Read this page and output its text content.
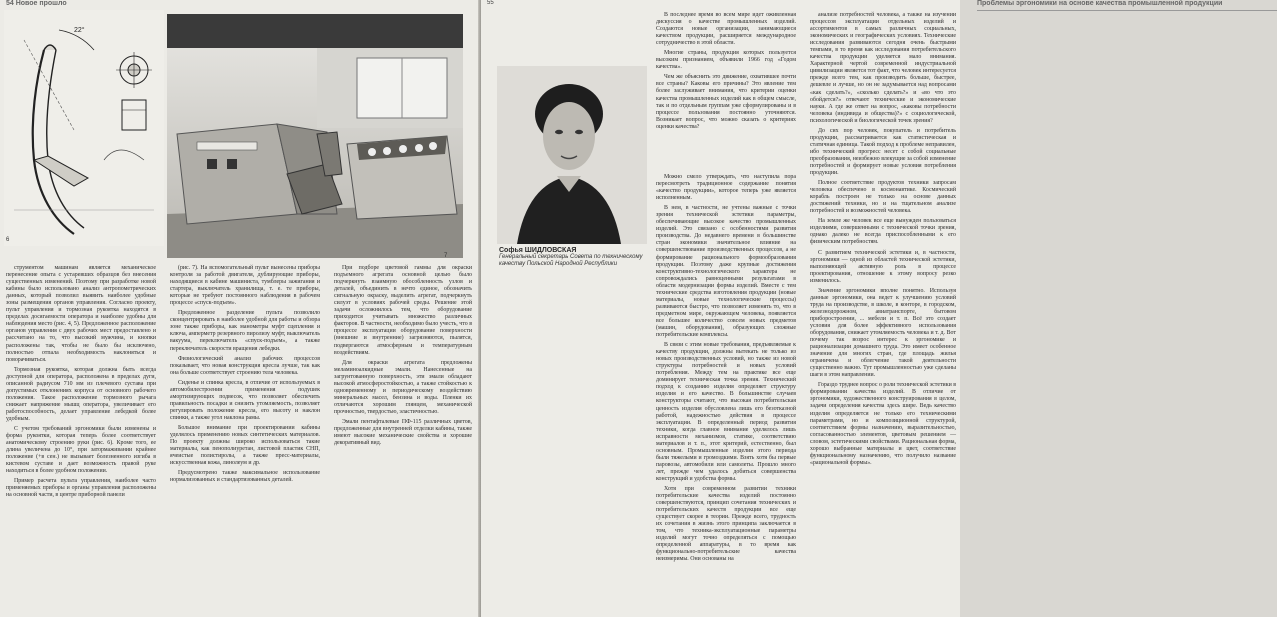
54 Новое прошло
22°
6
7

струментом машинам является механическое перенесение опыта с устаревших образцов без внесения существенных изменений. Поэтому при разработке новой кабины было использовано анализ антропометрических данных, который позволил выявить наиболее удобные зоны размещения органов управления. Согласно проекту, пульт управления и тормозная рукоятка находятся в пределах досягаемости оператора и наиболее удобны для наблюдения место (рис. 4, 5). Предложенное расположение органов управления с двух рабочих мест предоставлено и рассчитано на то, что высокий мужчина, и кнопки расположены так, чтобы не было бы исключено, полностью отпала необходимость наклоняться и поворачиваться.

Тормозная рукоятка, которая должна быть всегда доступной для оператора, расположена в пределах дуги, описанной радиусом 710 мм из плечевого сустава при допустимых отклонениях корпуса от основного рабочего положения. Такое расположение тормозного рычага снижает напряжение мышц оператора, увеличивает его работоспособность, делает управление лебедкой более удобным.

С учетом требований эргономики были изменены и форма рукоятки, которая теперь более соответствует анатомическому строению руки (рис. 6). Кроме того, ее длина увеличена до 10°, при затормаживании крайнее положение (+в сен.) не вызывает болезненного изгиба в кистевом суставе и дает возможность правой руке находиться в более удобном положении.

Пример расчета пульта управления, наиболее часто применяемых приборы и органы управления расположены на основной части, в центре приборной панели

(рис. 7). На вспомогательный пульт вынесены приборы контроля за работой двигателя, дублирующие приборы, находящиеся в кабине машиниста, тумблеры зажигания и стартера, выключатель хранилища, т. е. те приборы, которые не требуют постоянного наблюдения в рабочем процессе «спуск-подъем».

Предложенное разделение пульта позволило сконцентрировать в наиболее удобной для работы и обзора зоне также приборы, как манометры муфт сцепления и ключа, амперметр резервного пиролизу муфт, выключатель вакуума, переключатель «спуск-подъем», а также переключатель скорости вращения лебедки.

Физиологический анализ рабочих процессов показывает, что новая конструкция кресла лучше, так как она больше соответствует строению тела человека.

Сиденье и спинка кресла, в отличие от используемых в автомобилестроении применения подушек амортизирующих подвесок, что позволяет обеспечить правильность посадки и снизить утомляемость, позволяет регулировать положение кресла, его высоту и наклон спинки, а также угол наклона рамы.

Большое внимание при проектировании кабины уделялось применению новых синтетических материалов. По проекту должны широко использоваться такие материалы, как пенополиуретан, листовой пластик СНП, ячеистые полистиролы, а также пресс-материалы, искусственная кожа, линолеум и др.

Предусмотрено также максимальное использование нормализованных и стандартизованных деталей.

При подборе цветовой гаммы для окраски подъемного агрегата основной целью было подчеркнуть взаимную обособленность узлов и деталей, объединить в нечто единое, обозначить сигнальную окраску, выделить агрегат, подчеркнуть силуэт в условиях рабочей среды. Решение этой задачи осложнилось тем, что оборудование приходится учитывать множество различных факторов. В частности, необходимо было учесть, что в процессе эксплуатации оборудование поверхности (внешние и внутренние) загрязняются, пылятся, подвергаются атмосферным и температурным воздействиям.

Для окраски агрегата предложены меламиноалкидные эмали. Нанесенные на загрунтованную поверхность, эти эмали обладают высокой атмосферостойкостью, а также стойкостью к одновременному и периодическому воздействию минеральных масел, бензина и воды. Пленки их отличаются хорошим глянцем, механической прочностью, твердостью, эластичностью.

Эмали пентафталевые ПФ-115 различных цветов, предложенные для внутренней отделки кабины, также имеют высокие механические свойства и хорошие декоративный вид.

Проблемы эргономики на основе качества промышленной продукции
55
Софья ШИДЛОВСКАЯ
Генеральный секретарь Совета по техническому качеству Польской Народной Республики

В последнее время во всем мире идет оживленная дискуссия о качестве промышленных изделий. Создаются новые организации, занимающиеся качеством продукции, расширяется международное сотрудничество в этой области.

Многие страны, продукция которых пользуется высоким признанием, объявили 1966 год «Годом качества».

Чем же объяснить это движение, охватившее почти все страны? Каковы его причины? Это явление тем более заслуживает внимания, что критерии оценки качества промышленных изделий как в общем смысле, так и по отдельным группам уже сформулированы и в процессе пользования постоянно уточняются. Возникает вопрос, что можно сказать о критериях оценки качества?

Можно смело утверждать, что наступила пора пересмотреть традиционное содержание понятия «качество продукции», которое теперь уже является исполненным.

В нем, в частности, не учтены важные с точки зрения технической эстетики параметры, обеспечивающие высокое качество промышленных изделий. Это связано с особенностями развития производства. До недавнего времени в большинстве стран экономики значительное влияние на совершенствование производственных процессов, а не формирование рационального формообразования продукции. Поэтому даже крупные достижения конструктивно-технологического характера не сопровождались равноценными результатами в области модернизации формы изделий. Вместе с тем технические средства изготовления продукции (новые материалы, новые технологические процессы) развиваются быстро, что позволяет изменять то, что в предметном мире, окружающем человека, появляется все большее количество совсем новых предметов (машин, оборудования), образующих сложные потребительские комплексы.

В связи с этим новые требования, предъявляемые к качеству продукции, должны вытекать не только из новых производственных условий, но также из новой структуры потребностей и новых условий потребления. Между тем на практике все еще доминирует техническая точка зрения. Технический подход к созданию изделия определяет структуру изделия и его качество. В большинстве случаев конструкторы считают, что высокая потребительская ценность изделия обусловлена лишь его безотказной работой, надежностью действия в процессе эксплуатации. В определенный период развития техники, когда главное внимание уделялось лишь исправности механизмов, статике, соответствию материалов и т. п., этот критерий, естественно, был основным. Промышленные изделия этого периода были тяжелыми и громоздкими. Взять хотя бы первые паровозы, автомобили или самолеты. Прошло много лет, прежде чем удалось добиться совершенства конструкций и удобства формы.

Хотя при современном развитии техники потребительские качества изделий постоянно совершенствуются, принцип сочетания технических и потребительских качеств продукции все еще существует скорее в теории. Прежде всего, трудность их сочетания в жизнь этого принципа заключается в том, что техника-эксплуатационные параметры изделий могут точно определяться с помощью определенной аппаратуры, в то время как функционально-потребительские качества неизмеримы. Они основаны на

анализе потребностей человека, а также на изучении процессов эксплуатации отдельных изделий и ассортиментов в самых различных социальных, экономических и географических условиях. Технические исследования развиваются сегодня очень быстрыми темпами, в то время как исследования потребительского качества продукции уделяется мало внимания. Характерной чертой современной индустриальной цивилизации является тот факт, что человек интересуется прежде всего тем, как производить больше, быстрее, дешевле и лучше, но он не задумывается над вопросами «как сделать?», «сколько сделать?» и «во что это обойдется?» отвечают технические и экономические науки. А где же ответ на вопрос, «каковы потребности человека (индивида и общества)?» с социологической, психологической и биологической точек зрения?

До сих пор человек, покупатель и потребитель продукции, рассматривается как статистическая и статичная единица. Такой подход к проблеме неправилен, ибо технический прогресс несет с собой социальные преобразования, неизбежно влекущие за собой изменение потребностей и формирует новые условия потребления продукции.

Полное соответствие продуктов техники запросам человека обеспечено в космонавтике. Космический корабль построен не только на основе данных достижений техники, но и на тщательном анализе потребностей и возможностей человека.

На земле же человек все еще вынужден пользоваться изделиями, совершенными с технической точки зрения, однако далеко не всегда приспособленными к его физическим потребностям.

С развитием технической эстетики и, в частности, эргономики — одной из областей технической эстетики, выполняющей активную роль в процессе проектирования, отношение к этому вопросу резко изменилось.

Значение эргономики вполне понятно. Используя данные эргономики, она ведет к улучшению условий труда на производстве, в школе, в конторе, в городском, железнодорожном, авиатранспорте, бытовом приборостроении, ... мебели и т. п. Всё это создает условия для более эффективного использования оборудования, снижает утомляемость человека и т. д. Вот почему так возрос интерес к эргономике и рационализации домашнего труда. Это имеет особенное значение для многих стран, где площадь жилья ограничена и облегчение такой деятельности существенно важно. Тут промышленностью уже сделаны шаги в этом направлении.

Гораздо труднее вопрос о роли технической эстетики в формировании качества изделий. В отличие от эргономики, художественного конструирования в целом, задачи определения качества здесь шире. Ведь качество изделия определяется не только его техническими параметрами, но и композиционной структурой, соответствием формы назначению, выразительностью, согласованностью элементов, цветовым решением — словом, эстетическими свойствами. Рациональная форма, хорошо выбранные материалы и цвет, соответствие функциональному назначению, что получило название «рациональной формы».
